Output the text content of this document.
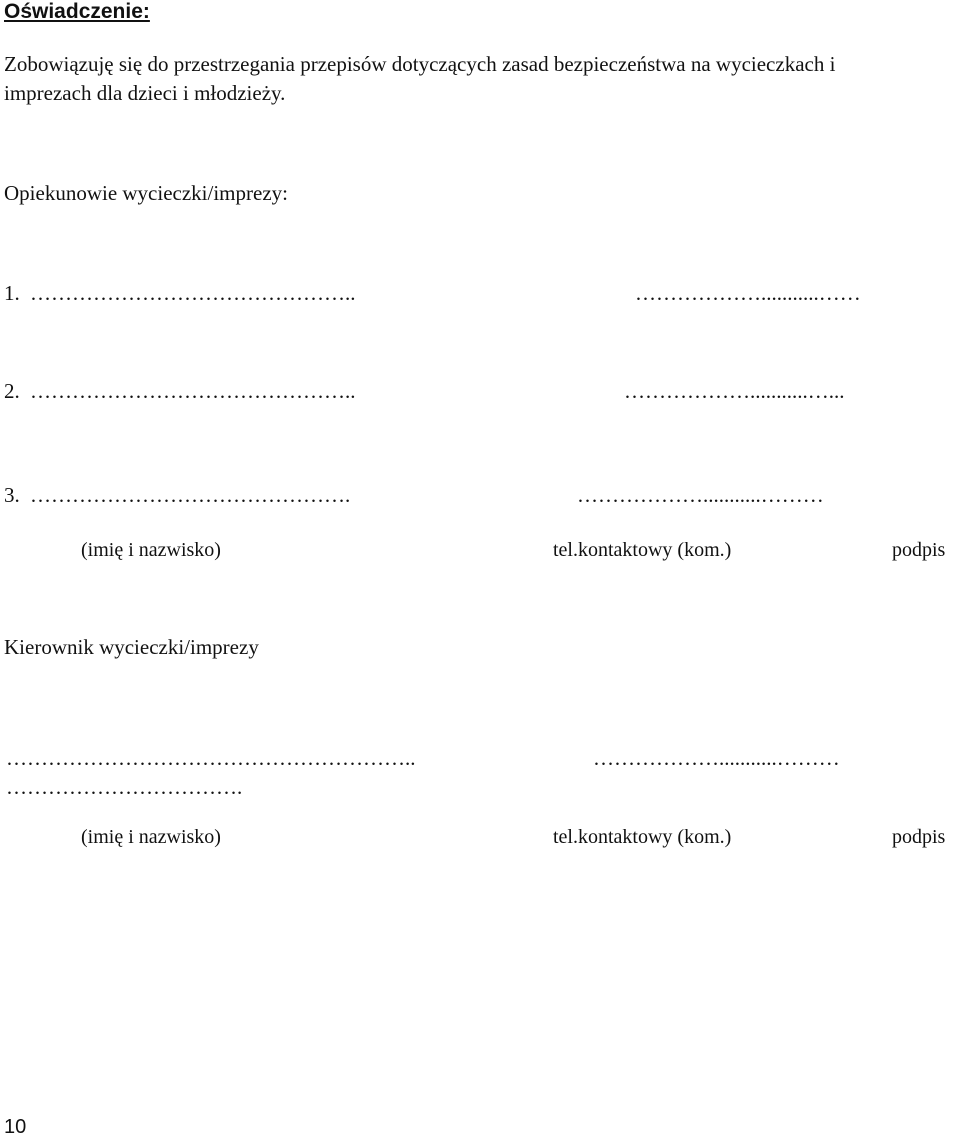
Oświadczenie:
Zobowiązuję się do przestrzegania przepisów dotyczących zasad bezpieczeństwa na wycieczkach i
imprezach dla dzieci i młodzieży.
Opiekunowie wycieczki/imprezy:
1. ………………………………………..	………………...........……
2. ………………………………………..	………………...........…...
3. ……………………………………….	………………...........………
(imię i nazwisko)	tel.kontaktowy (kom.)	podpis
Kierownik wycieczki/imprezy
…………………………………………………..	………………...........………
…………………………….
(imię i nazwisko)	tel.kontaktowy (kom.)	podpis
10
